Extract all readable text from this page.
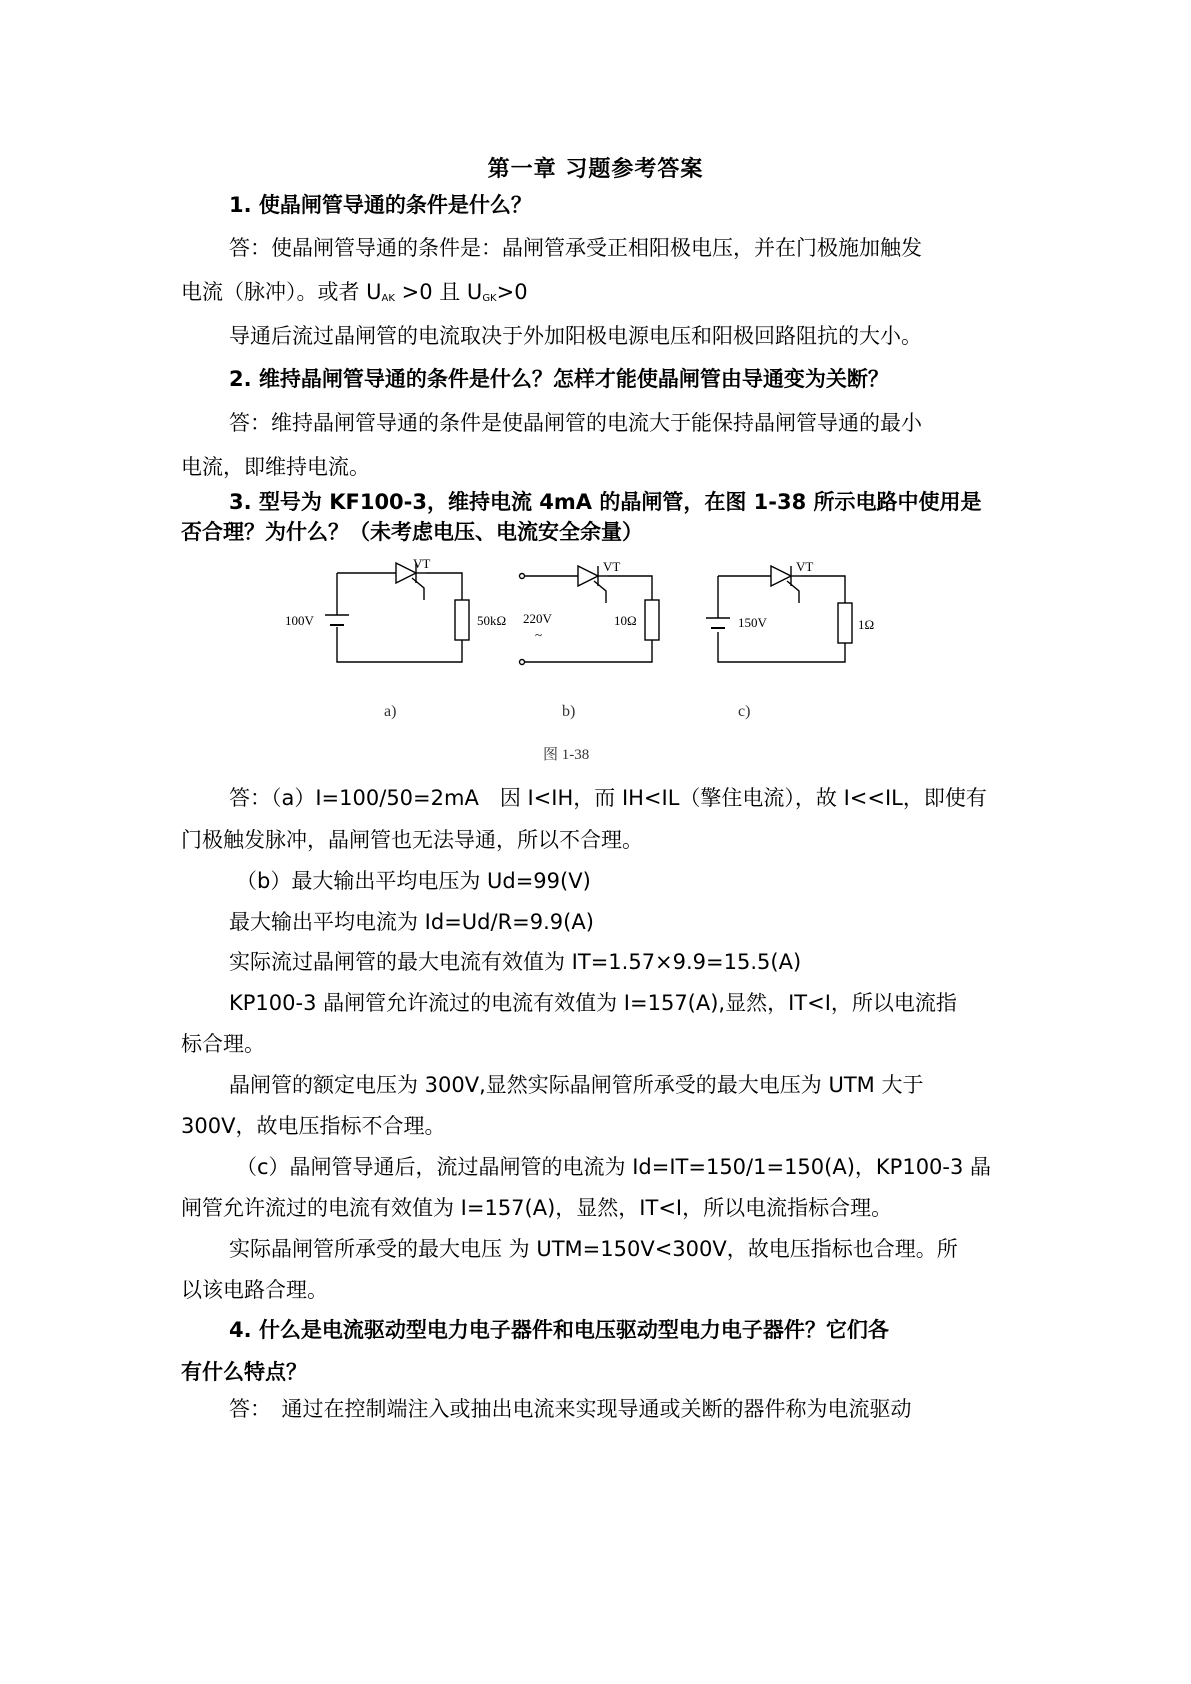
第一章 习题参考答案
1. 使晶闸管导通的条件是什么？
答：使晶闸管导通的条件是：晶闸管承受正相阳极电压，并在门极施加触发
电流（脉冲）。或者 $U_{AK} >0$ 且 $U_{GK}>0$
导通后流过晶闸管的电流取决于外加阳极电源电压和阳极回路阻抗的大小。
2. 维持晶闸管导通的条件是什么？怎样才能使晶闸管由导通变为关断？
答：维持晶闸管导通的条件是使晶闸管的电流大于能保持晶闸管导通的最小
电流，即维持电流。
3. 型号为 KF100-3，维持电流 4mA 的晶闸管，在图 1-38 所示电路中使用是
否合理？为什么？（未考虑电压、电流安全余量）
100V	50kΩ
VT
220V
~
10Ω
VT
150V	1Ω
VT
a)	b)	c)
图 1-38
答：（a）I=100/50=2mA　因 I<IH，而 IH<IL（擎住电流），故 I<<IL，即使有
门极触发脉冲，晶闸管也无法导通，所以不合理。
（b）最大输出平均电压为 Ud=99(V)
最大输出平均电流为 Id=Ud/R=9.9(A)
实际流过晶闸管的最大电流有效值为 IT=1.57×9.9=15.5(A)
KP100-3 晶闸管允许流过的电流有效值为 I=157(A),显然，IT<I，所以电流指
标合理。
晶闸管的额定电压为 300V,显然实际晶闸管所承受的最大电压为 UTM 大于
300V，故电压指标不合理。
（c）晶闸管导通后，流过晶闸管的电流为 Id=IT=150/1=150(A)，KP100-3 晶
闸管允许流过的电流有效值为 I=157(A)，显然，IT<I，所以电流指标合理。
实际晶闸管所承受的最大电压 为 UTM=150V<300V，故电压指标也合理。所
以该电路合理。
4. 什么是电流驱动型电力电子器件和电压驱动型电力电子器件？它们各
有什么特点？
答：　通过在控制端注入或抽出电流来实现导通或关断的器件称为电流驱动
